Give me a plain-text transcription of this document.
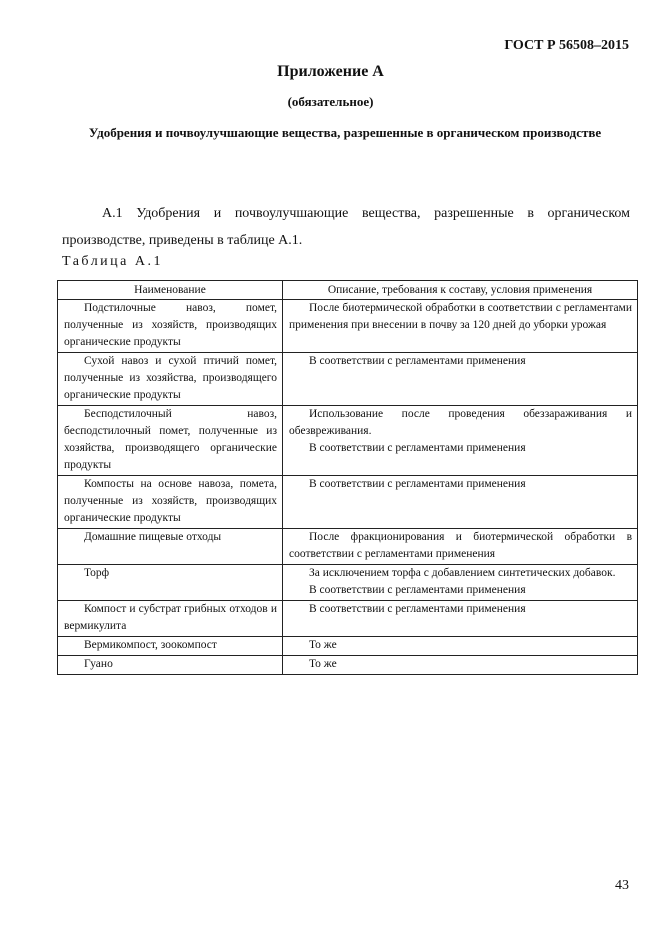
ГОСТ Р 56508–2015
Приложение А
(обязательное)
Удобрения и почвоулучшающие вещества, разрешенные в органическом производстве
А.1 Удобрения и почвоулучшающие вещества, разрешенные в органическом производстве, приведены в таблице А.1.
Таблица А.1
Наименование	Описание, требования к составу, условия применения

Подстилочные навоз, помет, полученные из хозяйств, производящих органические продукты	После биотермической обработки в соответствии с регламентами применения при внесении в почву за 120 дней до уборки урожая

Сухой навоз и сухой птичий помет, полученные из хозяйства, производящего органические продукты	В соответствии с регламентами применения

Бесподстилочный навоз, бесподстилочный помет, полученные из хозяйства, производящего органические продукты	Использование после проведения обеззараживания и обезвреживания.
В соответствии с регламентами применения

Компосты на основе навоза, помета, полученные из хозяйств, производящих органические продукты	В соответствии с регламентами применения

Домашние пищевые отходы	После фракционирования и биотермической обработки в соответствии с регламентами применения

Торф	За исключением торфа с добавлением синтетических добавок.
В соответствии с регламентами применения

Компост и субстрат грибных отходов и вермикулита	В соответствии с регламентами применения

Вермикомпост, зоокомпост	То же

Гуано	То же
43
